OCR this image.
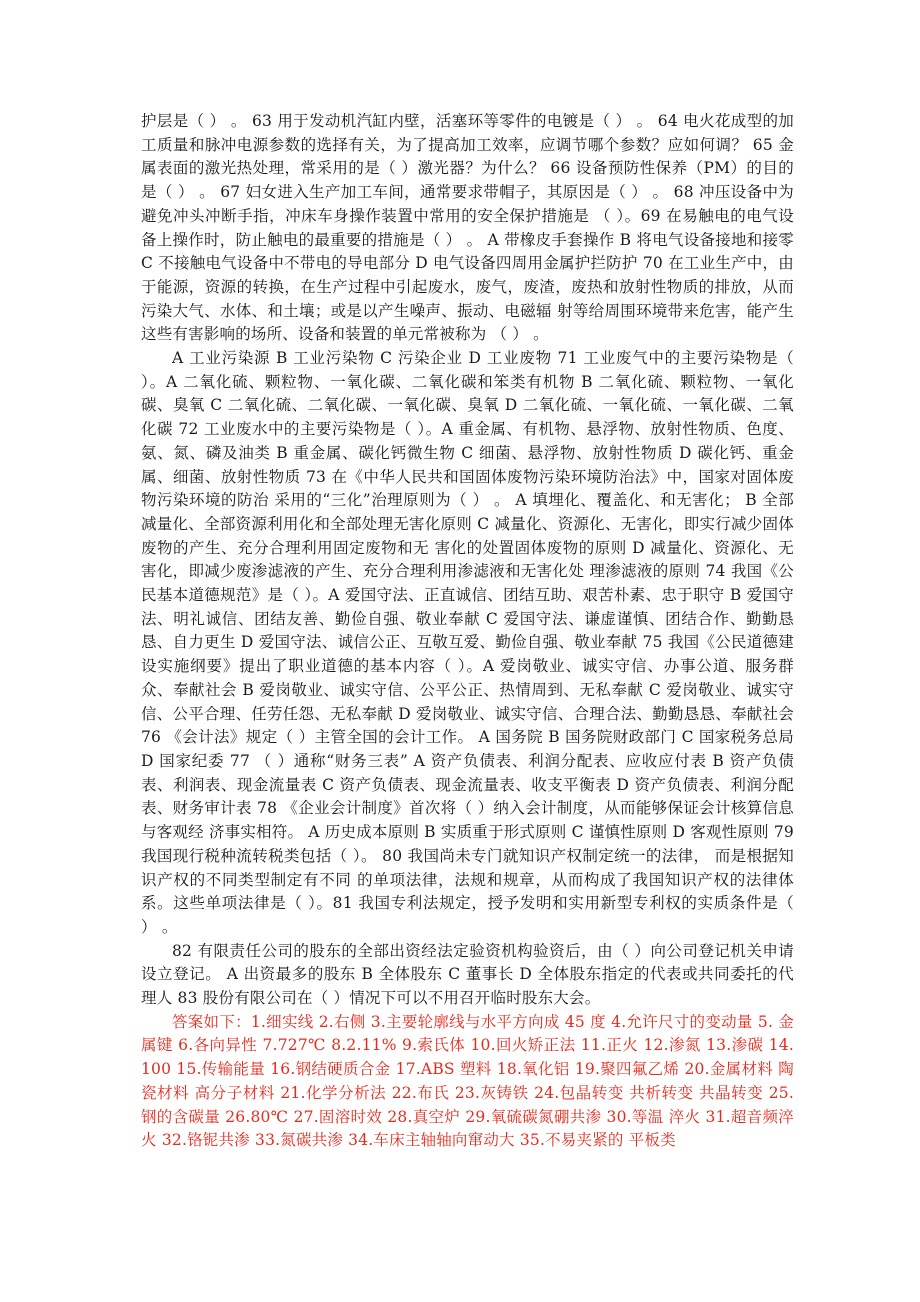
护层是（ ） 。 63 用于发动机汽缸内壁，活塞环等零件的电镀是（ ） 。 64 电火花成型的加工质量和脉冲电源参数的选择有关，为了提高加工效率，应调节哪个参数？应如何调？ 65 金属表面的激光热处理，常采用的是（ ）激光器？为什么？ 66 设备预防性保养（PM）的目的是（ ） 。 67 妇女进入生产加工车间，通常要求带帽子，其原因是（ ） 。 68 冲压设备中为避免冲头冲断手指，冲床车身操作装置中常用的安全保护措施是 （ ）。69 在易触电的电气设备上操作时，防止触电的最重要的措施是（ ） 。 A 带橡皮手套操作 B 将电气设备接地和接零 C 不接触电气设备中不带电的导电部分 D 电气设备四周用金属护拦防护 70 在工业生产中，由于能源，资源的转换，在生产过程中引起废水，废气，废渣，废热和放射性物质的排放，从而污染大气、水体、和土壤；或是以产生噪声、振动、电磁辐 射等给周围环境带来危害，能产生这些有害影响的场所、设备和装置的单元常被称为 （ ） 。

A 工业污染源 B 工业污染物 C 污染企业 D 工业废物 71 工业废气中的主要污染物是（ ）。A 二氧化硫、颗粒物、一氧化碳、二氧化碳和笨类有机物 B 二氧化硫、颗粒物、一氧化碳、臭氧 C 二氧化硫、二氧化碳、一氧化碳、臭氧 D 二氧化硫、一氧化硫、一氧化碳、二氧化碳 72 工业废水中的主要污染物是（ ）。A 重金属、有机物、悬浮物、放射性物质、色度、氨、氮、磷及油类 B 重金属、碳化钙微生物 C 细菌、悬浮物、放射性物质 D 碳化钙、重金属、细菌、放射性物质 73 在《中华人民共和国固体废物污染环境防治法》中，国家对固体废物污染环境的防治 采用的“三化”治理原则为（ ） 。 A 填埋化、覆盖化、和无害化； B 全部减量化、全部资源利用化和全部处理无害化原则 C 减量化、资源化、无害化，即实行减少固体废物的产生、充分合理利用固定废物和无 害化的处置固体废物的原则 D 减量化、资源化、无害化，即减少废渗滤液的产生、充分合理利用渗滤液和无害化处 理渗滤液的原则 74 我国《公民基本道德规范》是（ ）。A 爱国守法、正直诚信、团结互助、艰苦朴素、忠于职守 B 爱国守法、明礼诚信、团结友善、勤俭自强、敬业奉献 C 爱国守法、谦虚谨慎、团结合作、勤勤恳恳、自力更生 D 爱国守法、诚信公正、互敬互爱、勤俭自强、敬业奉献 75 我国《公民道德建设实施纲要》提出了职业道德的基本内容（ ）。A 爱岗敬业、诚实守信、办事公道、服务群众、奉献社会 B 爱岗敬业、诚实守信、公平公正、热情周到、无私奉献 C 爱岗敬业、诚实守信、公平合理、任劳任怨、无私奉献 D 爱岗敬业、诚实守信、合理合法、勤勤恳恳、奉献社会 76 《会计法》规定（ ）主管全国的会计工作。 A 国务院 B 国务院财政部门 C 国家税务总局 D 国家纪委 77 （ ）通称“财务三表” A 资产负债表、利润分配表、应收应付表 B 资产负债表、利润表、现金流量表 C 资产负债表、现金流量表、收支平衡表 D 资产负债表、利润分配表、财务审计表 78 《企业会计制度》首次将（ ）纳入会计制度，从而能够保证会计核算信息与客观经 济事实相符。 A 历史成本原则 B 实质重于形式原则 C 谨慎性原则 D 客观性原则 79 我国现行税种流转税类包括（ ）。 80 我国尚未专门就知识产权制定统一的法律， 而是根据知识产权的不同类型制定有不同 的单项法律，法规和规章，从而构成了我国知识产权的法律体系。这些单项法律是（ ）。81 我国专利法规定，授予发明和实用新型专利权的实质条件是（ ） 。

82 有限责任公司的股东的全部出资经法定验资机构验资后，由（ ）向公司登记机关申请 设立登记。 A 出资最多的股东 B 全体股东 C 董事长 D 全体股东指定的代表或共同委托的代理人 83 股份有限公司在（ ）情况下可以不用召开临时股东大会。

答案如下：1.细实线 2.右侧 3.主要轮廓线与水平方向成 45 度 4.允许尺寸的变动量 5. 金属键 6.各向异性 7.727℃ 8.2.11% 9.索氏体 10.回火矫正法 11.正火 12.渗氮 13.渗碳 14.100 15.传输能量 16.钢结硬质合金 17.ABS 塑料 18.氧化铝 19.聚四氟乙烯 20.金属材料 陶瓷材料 高分子材料 21.化学分析法 22.布氏 23.灰铸铁 24.包晶转变 共析转变 共晶转变 25.钢的含碳量 26.80℃ 27.固溶时效 28.真空炉 29.氧硫碳氮硼共渗 30.等温 淬火 31.超音频淬火 32.铬铌共渗 33.氮碳共渗 34.车床主轴轴向窜动大 35.不易夹紧的 平板类
